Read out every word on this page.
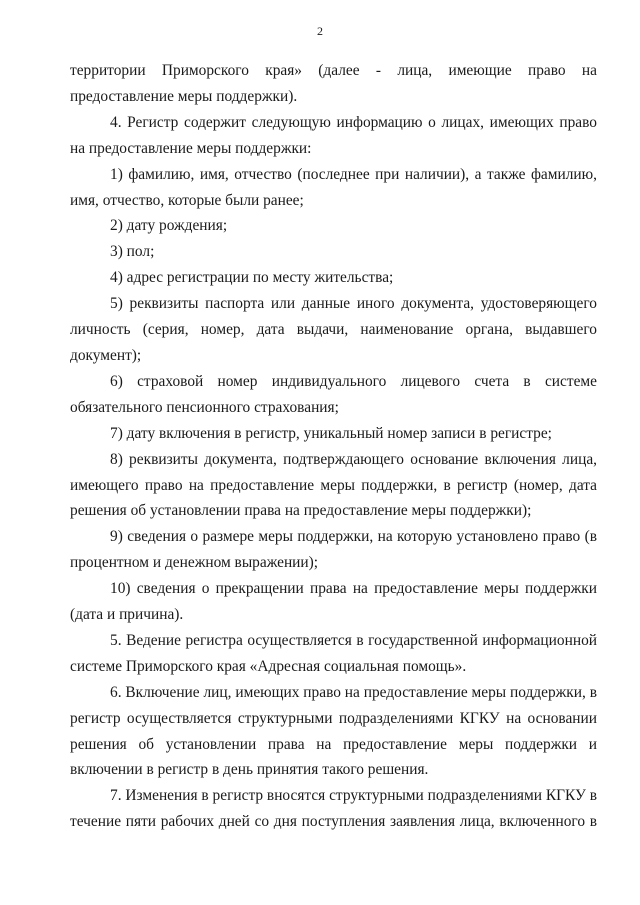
2

территории Приморского края» (далее - лица, имеющие право на предоставление меры поддержки).

4. Регистр содержит следующую информацию о лицах, имеющих право на предоставление меры поддержки:

1) фамилию, имя, отчество (последнее при наличии), а также фамилию, имя, отчество, которые были ранее;

2) дату рождения;

3) пол;

4) адрес регистрации по месту жительства;

5) реквизиты паспорта или данные иного документа, удостоверяющего личность (серия, номер, дата выдачи, наименование органа, выдавшего документ);

6) страховой номер индивидуального лицевого счета в системе обязательного пенсионного страхования;

7) дату включения в регистр, уникальный номер записи в регистре;

8) реквизиты документа, подтверждающего основание включения лица, имеющего право на предоставление меры поддержки, в регистр (номер, дата решения об установлении права на предоставление меры поддержки);

9) сведения о размере меры поддержки, на которую установлено право (в процентном и денежном выражении);

10) сведения о прекращении права на предоставление меры поддержки (дата и причина).

5. Ведение регистра осуществляется в государственной информационной системе Приморского края «Адресная социальная помощь».

6. Включение лиц, имеющих право на предоставление меры поддержки, в регистр осуществляется структурными подразделениями КГКУ на основании решения об установлении права на предоставление меры поддержки и включении в регистр в день принятия такого решения.

7. Изменения в регистр вносятся структурными подразделениями КГКУ в течение пяти рабочих дней со дня поступления заявления лица, включенного в
